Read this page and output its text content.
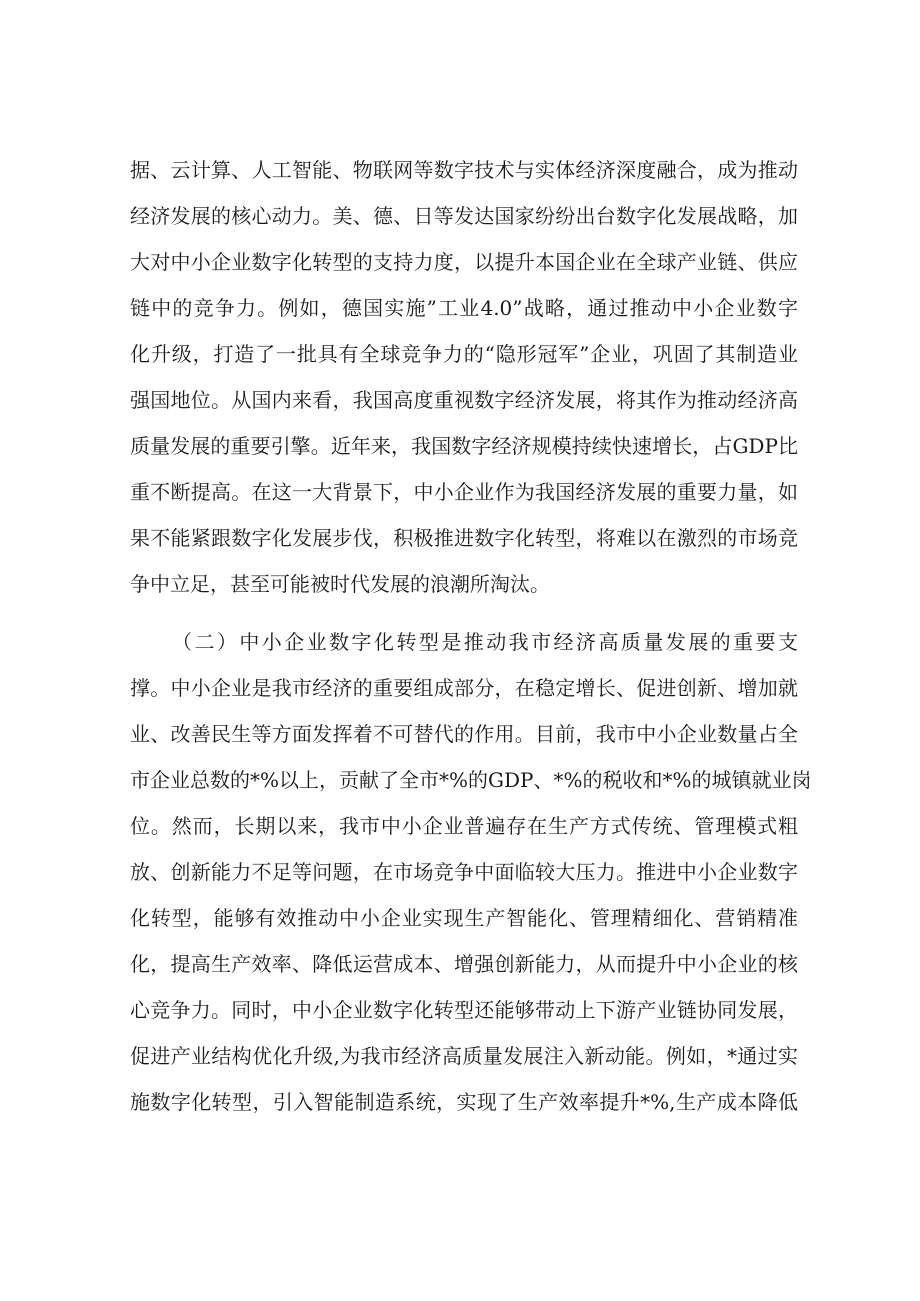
据、云计算、人工智能、物联网等数字技术与实体经济深度融合，成为推动
经济发展的核心动力。美、德、日等发达国家纷纷出台数字化发展战略，加
大对中小企业数字化转型的支持力度，以提升本国企业在全球产业链、供应
链中的竞争力。例如，德国实施”工业4.0”战略，通过推动中小企业数字
化升级，打造了一批具有全球竞争力的“隐形冠军”企业，巩固了其制造业
强国地位。从国内来看，我国高度重视数字经济发展，将其作为推动经济高
质量发展的重要引擎。近年来，我国数字经济规模持续快速增长，占GDP比
重不断提高。在这一大背景下，中小企业作为我国经济发展的重要力量，如
果不能紧跟数字化发展步伐，积极推进数字化转型，将难以在激烈的市场竞
争中立足，甚至可能被时代发展的浪潮所淘汰。
（二）中小企业数字化转型是推动我市经济高质量发展的重要支
撑。中小企业是我市经济的重要组成部分，在稳定增长、促进创新、增加就
业、改善民生等方面发挥着不可替代的作用。目前，我市中小企业数量占全
市企业总数的*%以上，贡献了全市*%的GDP、*%的税收和*%的城镇就业岗
位。然而，长期以来，我市中小企业普遍存在生产方式传统、管理模式粗
放、创新能力不足等问题，在市场竞争中面临较大压力。推进中小企业数字
化转型，能够有效推动中小企业实现生产智能化、管理精细化、营销精准
化，提高生产效率、降低运营成本、增强创新能力，从而提升中小企业的核
心竞争力。同时，中小企业数字化转型还能够带动上下游产业链协同发展，
促进产业结构优化升级,为我市经济高质量发展注入新动能。例如，*通过实
施数字化转型，引入智能制造系统，实现了生产效率提升*%,生产成本降低
